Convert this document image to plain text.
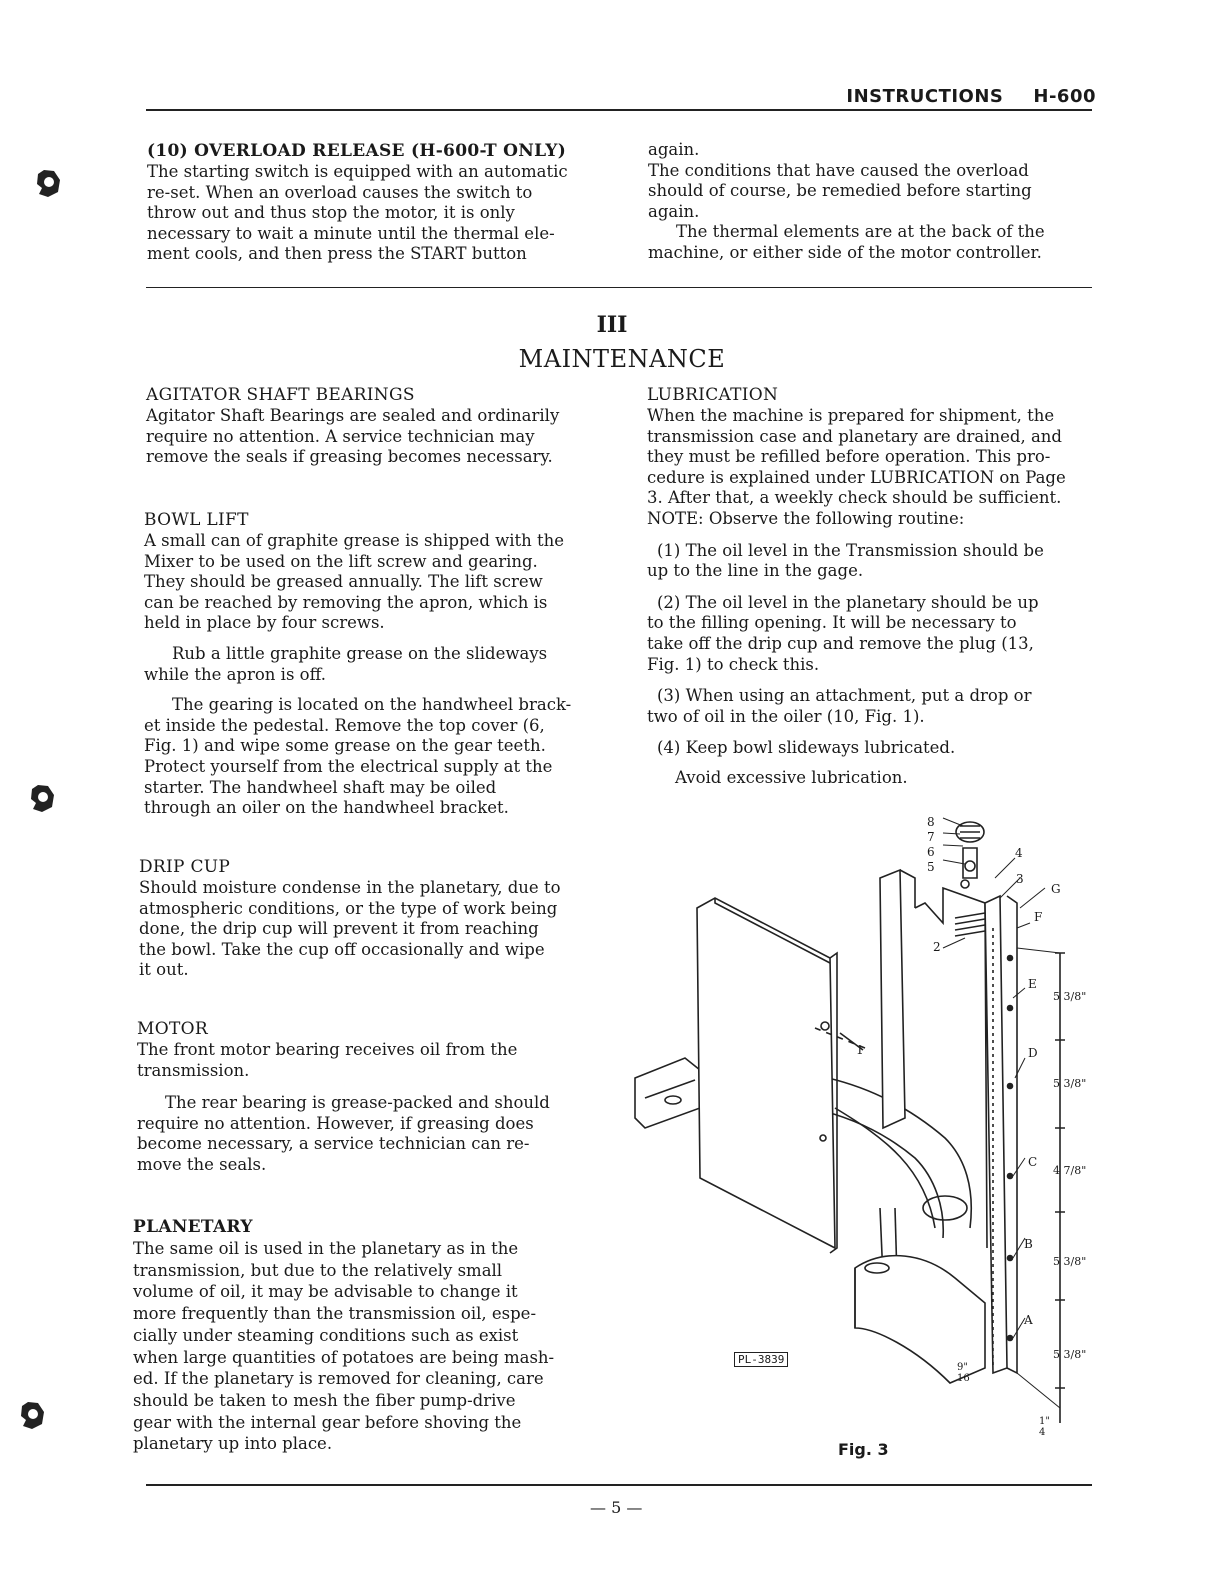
INSTRUCTIONS H-600

(10) OVERLOAD RELEASE (H-600-T ONLY)

The starting switch is equipped with an automatic

re-set. When an overload causes the switch to

throw out and thus stop the motor, it is only

necessary to wait a minute until the thermal ele-

ment cools, and then press the START button

again.

The conditions that have caused the overload

should of course, be remedied before starting

again.

The thermal elements are at the back of the

machine, or either side of the motor controller.

III
MAINTENANCE

AGITATOR SHAFT BEARINGS

Agitator Shaft Bearings are sealed and ordinarily

require no attention. A service technician may

remove the seals if greasing becomes necessary.

BOWL LIFT

A small can of graphite grease is shipped with the

Mixer to be used on the lift screw and gearing.

They should be greased annually. The lift screw

can be reached by removing the apron, which is

held in place by four screws.

Rub a little graphite grease on the slideways

while the apron is off.

The gearing is located on the handwheel brack-

et inside the pedestal. Remove the top cover (6,

Fig. 1) and wipe some grease on the gear teeth.

Protect yourself from the electrical supply at the

starter. The handwheel shaft may be oiled

through an oiler on the handwheel bracket.

DRIP CUP

Should moisture condense in the planetary, due to

atmospheric conditions, or the type of work being

done, the drip cup will prevent it from reaching

the bowl. Take the cup off occasionally and wipe

it out.

MOTOR

The front motor bearing receives oil from the

transmission.

The rear bearing is grease-packed and should

require no attention. However, if greasing does

become necessary, a service technician can re-

move the seals.

PLANETARY

The same oil is used in the planetary as in the

transmission, but due to the relatively small

volume of oil, it may be advisable to change it

more frequently than the transmission oil, espe-

cially under steaming conditions such as exist

when large quantities of potatoes are being mash-

ed. If the planetary is removed for cleaning, care

should be taken to mesh the fiber pump-drive

gear with the internal gear before shoving the

planetary up into place.

LUBRICATION

When the machine is prepared for shipment, the

transmission case and planetary are drained, and

they must be refilled before operation. This pro-

cedure is explained under LUBRICATION on Page

3. After that, a weekly check should be sufficient.

NOTE: Observe the following routine:

(1) The oil level in the Transmission should be

up to the line in the gage.

(2) The oil level in the planetary should be up

to the filling opening. It will be necessary to

take off the drip cup and remove the plug (13,

Fig. 1) to check this.

(3) When using an attachment, put a drop or

two of oil in the oiler (10, Fig. 1).

(4) Keep bowl slideways lubricated.

Avoid excessive lubrication.

8
7
6
5
4
3
2
1
G
F
E
D
C
B
A
5 3/8"
5 3/8"
4 7/8"
5 3/8"
5 3/8"
9"
16
1"
4
PL-3839
Fig. 3
— 5 —
